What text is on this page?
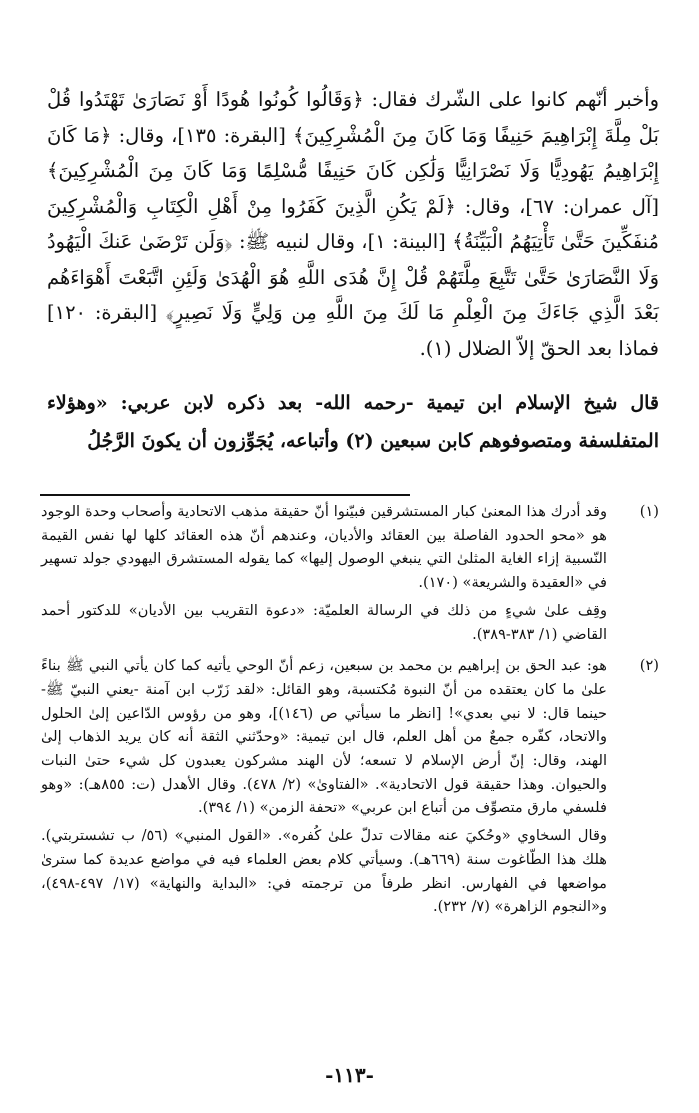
وأخبر أنّهم كانوا على الشّرك فقال: ﴿وَقَالُوا كُونُوا هُودًا أَوْ نَصَارَىٰ تَهْتَدُوا قُلْ بَلْ مِلَّةَ إِبْرَاهِيمَ حَنِيفًا وَمَا كَانَ مِنَ الْمُشْرِكِينَ﴾ [البقرة: ١٣٥]، وقال: ﴿مَا كَانَ إِبْرَاهِيمُ يَهُودِيًّا وَلَا نَصْرَانِيًّا وَلَٰكِن كَانَ حَنِيفًا مُّسْلِمًا وَمَا كَانَ مِنَ الْمُشْرِكِينَ﴾ [آل عمران: ٦٧]، وقال: ﴿لَمْ يَكُنِ الَّذِينَ كَفَرُوا مِنْ أَهْلِ الْكِتَابِ وَالْمُشْرِكِينَ مُنفَكِّينَ حَتَّىٰ تَأْتِيَهُمُ الْبَيِّنَةُ﴾ [البينة: ١]، وقال لنبيه ﷺ: ﴿وَلَن تَرْضَىٰ عَنكَ الْيَهُودُ وَلَا النَّصَارَىٰ حَتَّىٰ تَتَّبِعَ مِلَّتَهُمْ قُلْ إِنَّ هُدَى اللَّهِ هُوَ الْهُدَىٰ وَلَئِنِ اتَّبَعْتَ أَهْوَاءَهُم بَعْدَ الَّذِي جَاءَكَ مِنَ الْعِلْمِ مَا لَكَ مِنَ اللَّهِ مِن وَلِيٍّ وَلَا نَصِيرٍ﴾ [البقرة: ١٢٠] فماذا بعد الحقّ إلاّ الضلال (١).

قال شيخ الإسلام ابن تيمية -رحمه الله- بعد ذكره لابن عربي: «وهؤلاء المتفلسفة ومتصوفوهم كابن سبعين (٢) وأتباعه، يُجَوِّزون أن يكونَ الرَّجُلُ

(١)

وقد أدرك هذا المعنىٰ كبار المستشرقين فبيّنوا أنّ حقيقة مذهب الاتحادية وأصحاب وحدة الوجود هو «محو الحدود الفاصلة بين العقائد والأديان، وعندهم أنّ هذه العقائد كلها لها نفس القيمة النّسبية إزاء الغاية المثلىٰ التي ينبغي الوصول إليها» كما يقوله المستشرق اليهودي جولد تسهير في «العقيدة والشريعة» (١٧٠).

وقِف علىٰ شيءٍ من ذلك في الرسالة العلميّة: «دعوة التقريب بين الأديان» للدكتور أحمد القاضي (١/ ٣٨٣-٣٨٩).

(٢)

هو: عبد الحق بن إبراهيم بن محمد بن سبعين، زعم أنّ الوحي يأتيه كما كان يأتي النبي ﷺ بناءً علىٰ ما كان يعتقده من أنّ النبوة مُكتسبة، وهو القائل: «لقد زَرّب ابن آمنة -يعني النبيّ ﷺ- حينما قال: لا نبي بعدي»! [انظر ما سيأتي ص (١٤٦)]، وهو من رؤوس الدّاعين إلىٰ الحلول والاتحاد، كفّره جمعٌ من أهل العلم، قال ابن تيمية: «وحدّثني الثقة أنه كان يريد الذهاب إلىٰ الهند، وقال: إنّ أرض الإسلام لا تسعه؛ لأن الهند مشركون يعبدون كل شيء حتىٰ النبات والحيوان. وهذا حقيقة قول الاتحادية». «الفتاوىٰ» (٢/ ٤٧٨). وقال الأهدل (ت: ٨٥٥هـ): «وهو فلسفي مارق متصوِّف من أتباع ابن عربي» «تحفة الزمن» (١/ ٣٩٤).

وقال السخاوي «وحُكيَ عنه مقالات تدلّ علىٰ كُفره». «القول المنبي» (٥٦/ ب تشستربتي). هلك هذا الطّاغوت سنة (٦٦٩هـ). وسيأتي كلام بعض العلماء فيه في مواضع عديدة كما ستریٰ مواضعها في الفهارس. انظر طرفاً من ترجمته في: «البداية والنهاية» (١٧/ ٤٩٧-٤٩٨)، و«النجوم الزاهرة» (٧/ ٢٣٢).

-١١٣-
